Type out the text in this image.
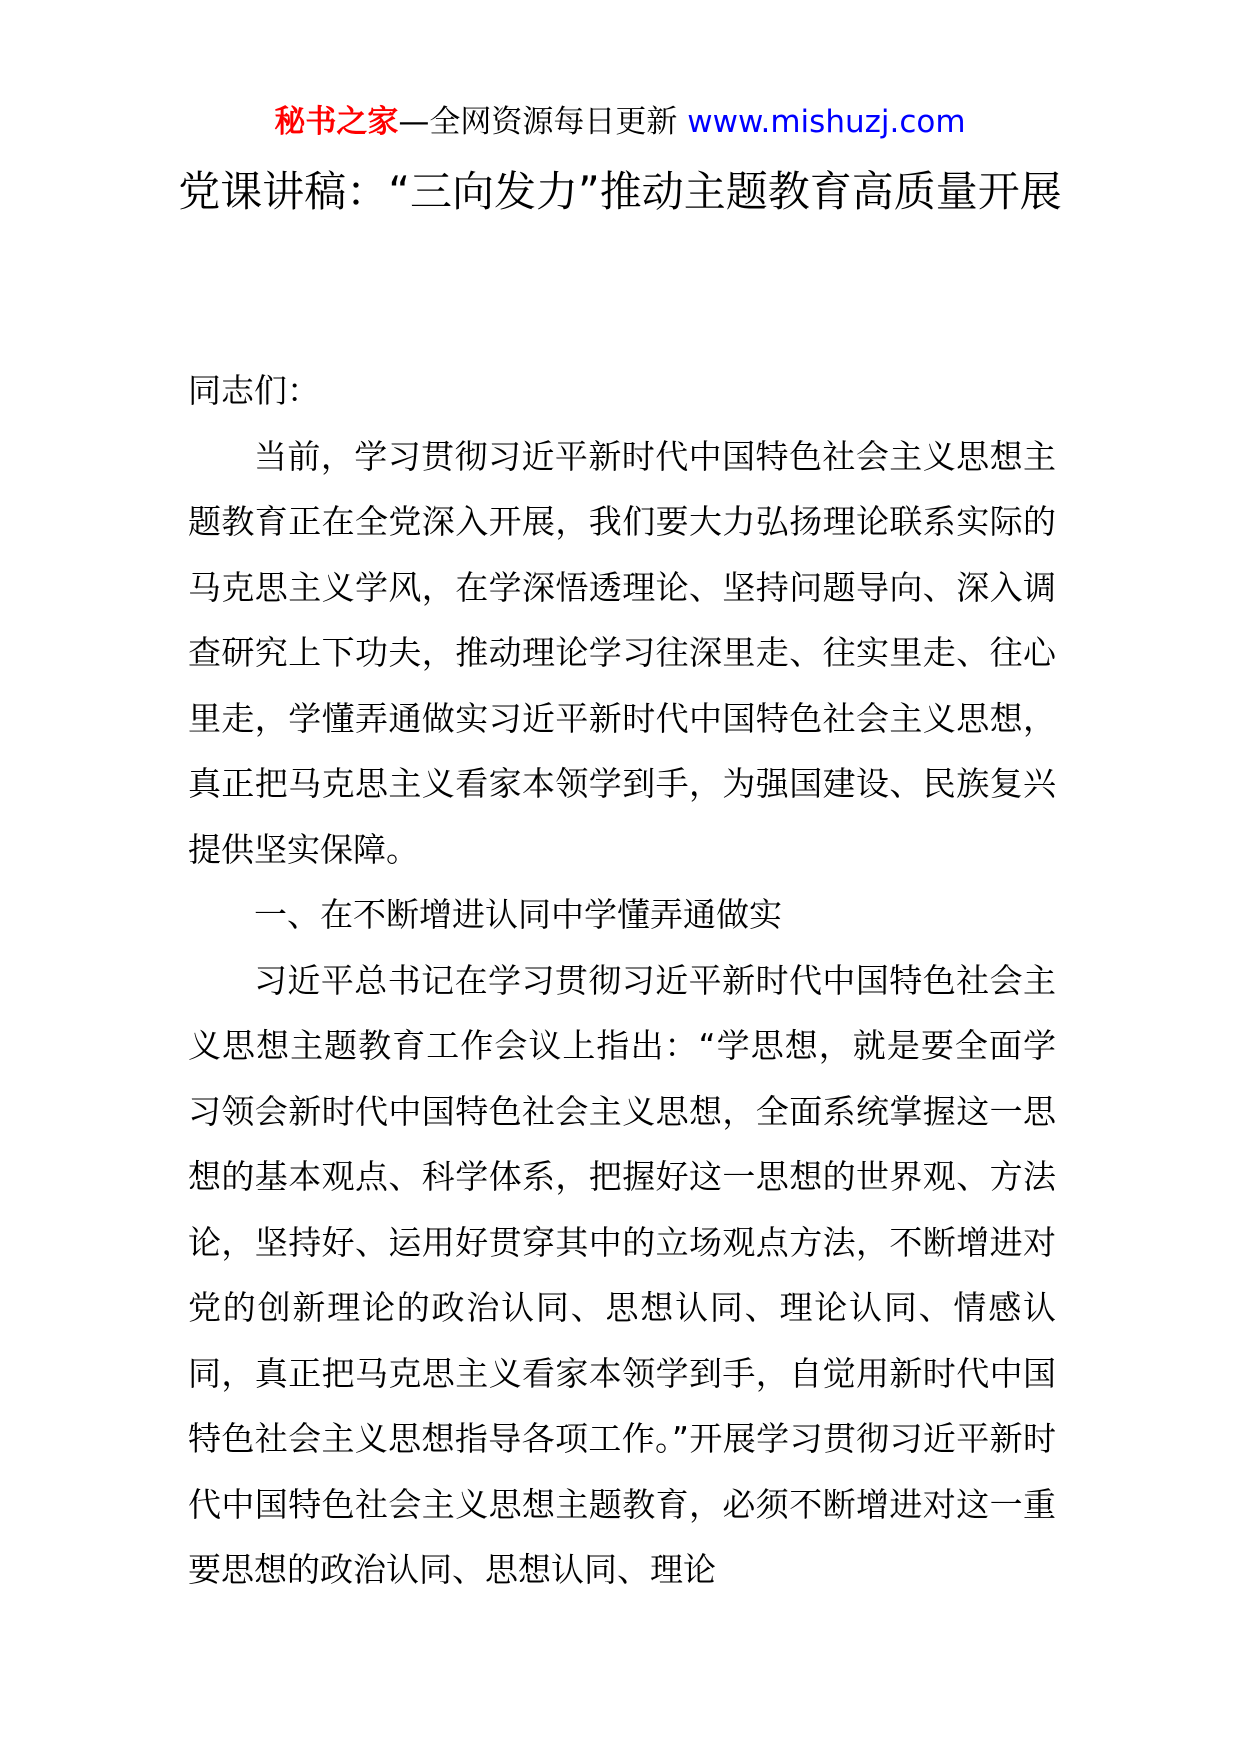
秘书之家—全网资源每日更新 www.mishuzj.com
党课讲稿：“三向发力”推动主题教育高质量开展

同志们：

当前，学习贯彻习近平新时代中国特色社会主义思想主题教育正在全党深入开展，我们要大力弘扬理论联系实际的马克思主义学风，在学深悟透理论、坚持问题导向、深入调查研究上下功夫，推动理论学习往深里走、往实里走、往心里走，学懂弄通做实习近平新时代中国特色社会主义思想，真正把马克思主义看家本领学到手，为强国建设、民族复兴提供坚实保障。

一、在不断增进认同中学懂弄通做实

习近平总书记在学习贯彻习近平新时代中国特色社会主义思想主题教育工作会议上指出：“学思想，就是要全面学习领会新时代中国特色社会主义思想，全面系统掌握这一思想的基本观点、科学体系，把握好这一思想的世界观、方法论，坚持好、运用好贯穿其中的立场观点方法，不断增进对党的创新理论的政治认同、思想认同、理论认同、情感认同，真正把马克思主义看家本领学到手，自觉用新时代中国特色社会主义思想指导各项工作。”开展学习贯彻习近平新时代中国特色社会主义思想主题教育，必须不断增进对这一重要思想的政治认同、思想认同、理论
